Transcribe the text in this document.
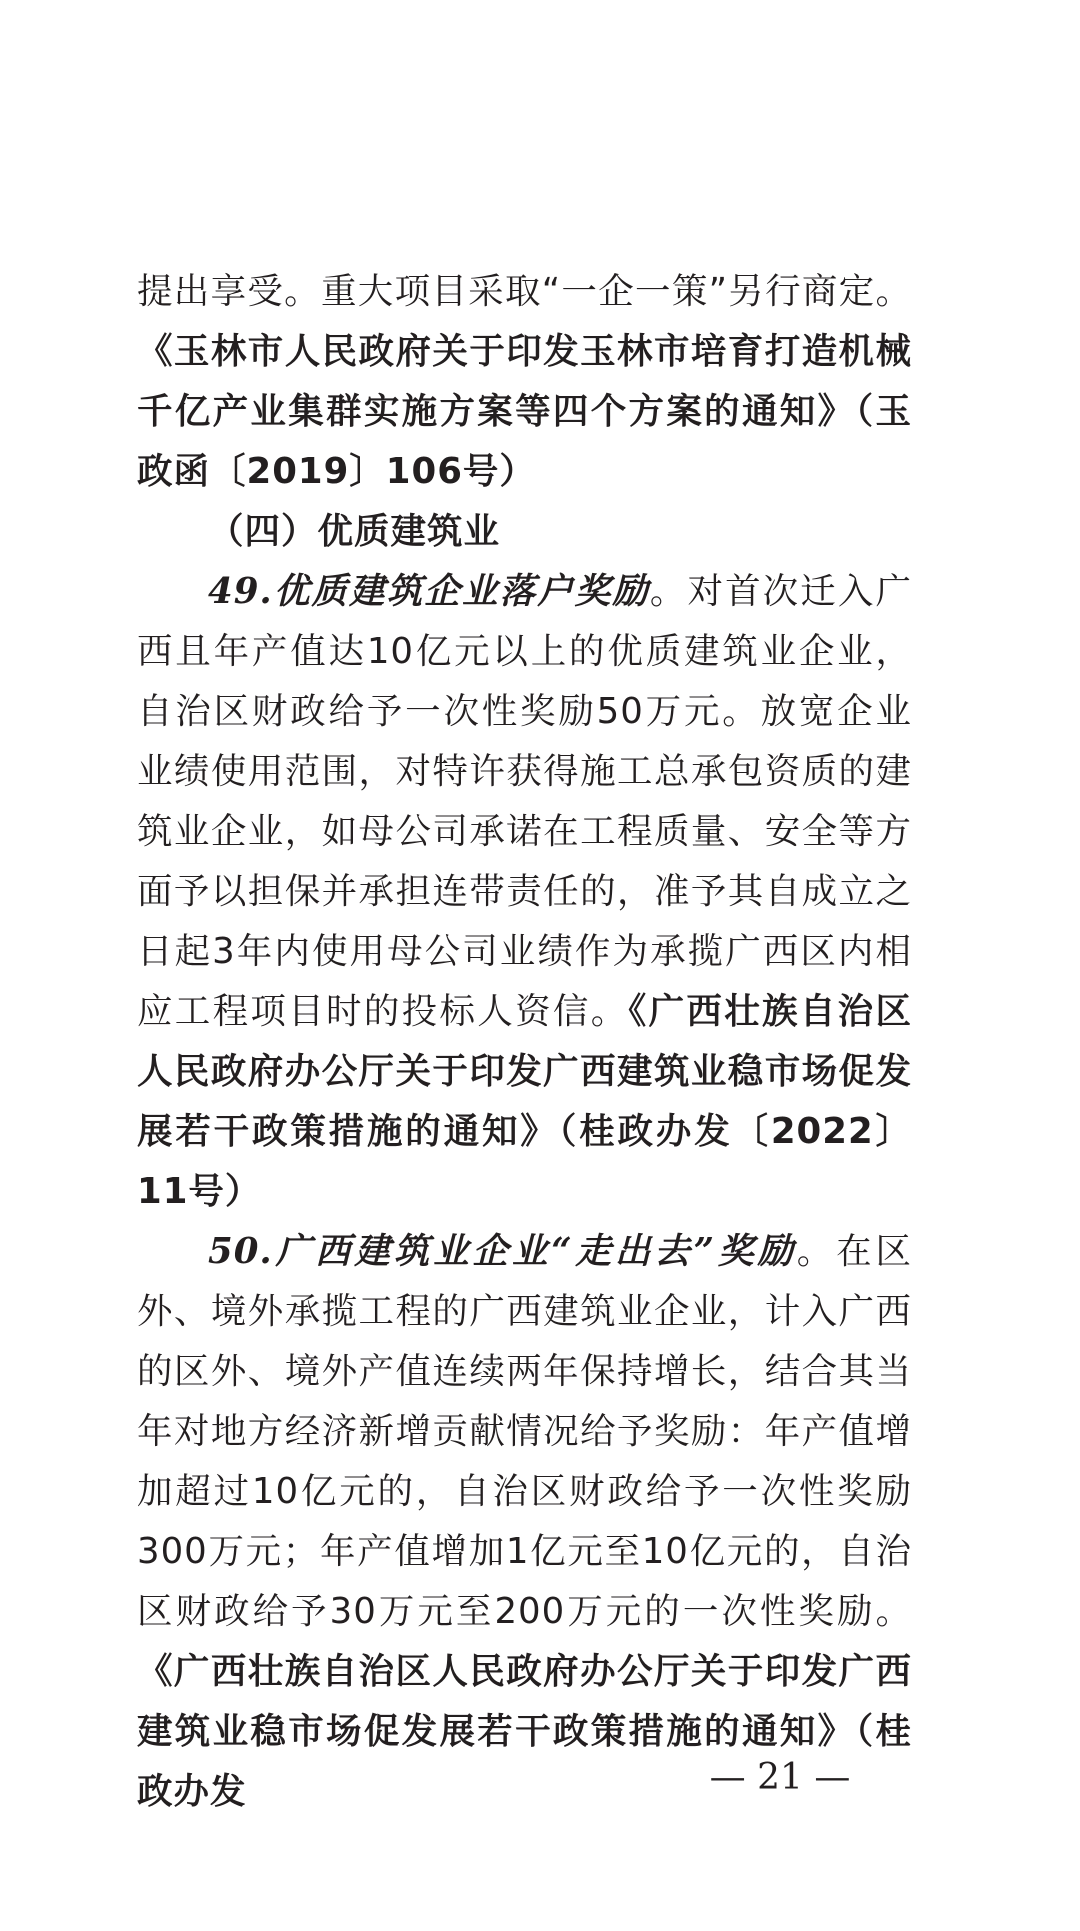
提出享受。重大项目采取“一企一策”另行商定。《玉林市人民政府关于印发玉林市培育打造机械千亿产业集群实施方案等四个方案的通知》（玉政函〔2019〕106号）

（四）优质建筑业

49.优质建筑企业落户奖励。对首次迁入广西且年产值达10亿元以上的优质建筑业企业，自治区财政给予一次性奖励50万元。放宽企业业绩使用范围，对特许获得施工总承包资质的建筑业企业，如母公司承诺在工程质量、安全等方面予以担保并承担连带责任的，准予其自成立之日起3年内使用母公司业绩作为承揽广西区内相应工程项目时的投标人资信。《广西壮族自治区人民政府办公厅关于印发广西建筑业稳市场促发展若干政策措施的通知》（桂政办发〔2022〕11号）

50.广西建筑业企业“走出去”奖励。在区外、境外承揽工程的广西建筑业企业，计入广西的区外、境外产值连续两年保持增长，结合其当年对地方经济新增贡献情况给予奖励：年产值增加超过10亿元的，自治区财政给予一次性奖励300万元；年产值增加1亿元至10亿元的，自治区财政给予30万元至200万元的一次性奖励。《广西壮族自治区人民政府办公厅关于印发广西建筑业稳市场促发展若干政策措施的通知》（桂政办发	— 21 —
